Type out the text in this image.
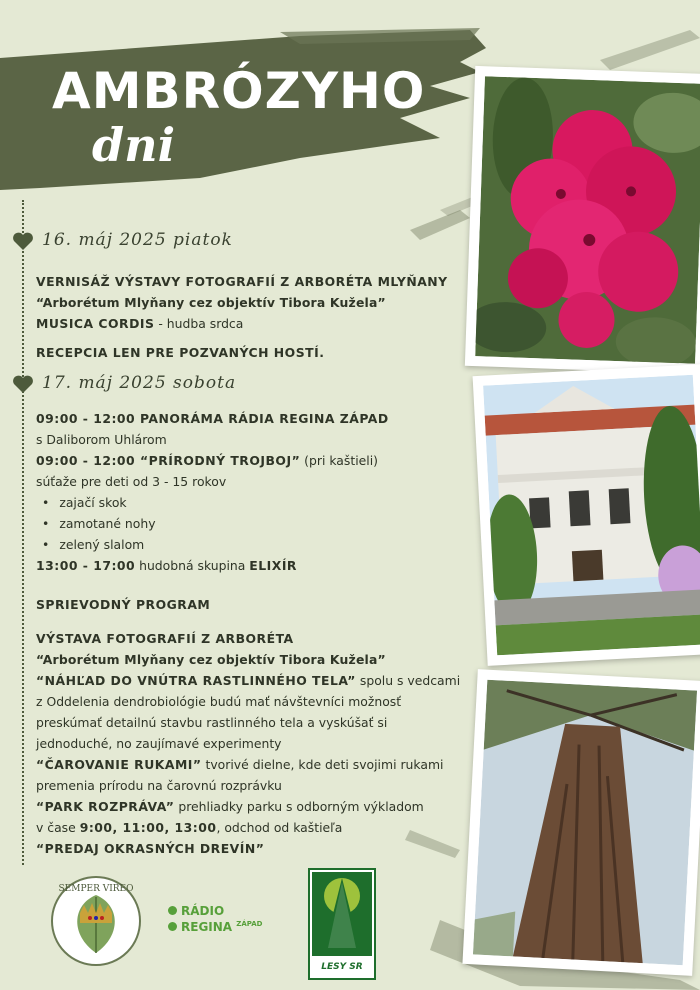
AMBRÓZYHO
dni
16. máj 2025 piatok
VERNISÁŽ VÝSTAVY FOTOGRAFIÍ Z ARBORÉTA MLYŇANY
“Arborétum Mlyňany cez objektív Tibora Kužela”
MUSICA CORDIS - hudba srdca
RECEPCIA LEN PRE POZVANÝCH HOSTÍ.
17. máj 2025 sobota
09:00 - 12:00 PANORÁMA RÁDIA REGINA ZÁPAD
s Daliborom Uhlárom
09:00 - 12:00 “PRÍRODNÝ TROJBOJ” (pri kaštieli)
súťaže pre deti od 3 - 15 rokov
• zajačí skok
• zamotané nohy
• zelený slalom
13:00 - 17:00 hudobná skupina ELIXÍR
SPRIEVODNÝ PROGRAM
VÝSTAVA FOTOGRAFIÍ Z ARBORÉTA
“Arborétum Mlyňany cez objektív Tibora Kužela”
“NÁHĽAD DO VNÚTRA RASTLINNÉHO TELA” spolu s vedcami
z Oddelenia dendrobiológie budú mať návštevníci možnosť
preskúmať detailnú stavbu rastlinného tela a vyskúšať si
jednoduché, no zaujímavé experimenty
“ČAROVANIE RUKAMI” tvorivé dielne, kde deti svojimi rukami
premenia prírodu na čarovnú rozprávku
“PARK ROZPRÁVA” prehliadky parku s odborným výkladom
v čase 9:00, 11:00, 13:00, odchod od kaštieľa
“PREDAJ OKRASNÝCH DREVÍN”
SEMPER VIREO
RÁDIO
REGINA $^{ZÁPAD}$
LESY SR
